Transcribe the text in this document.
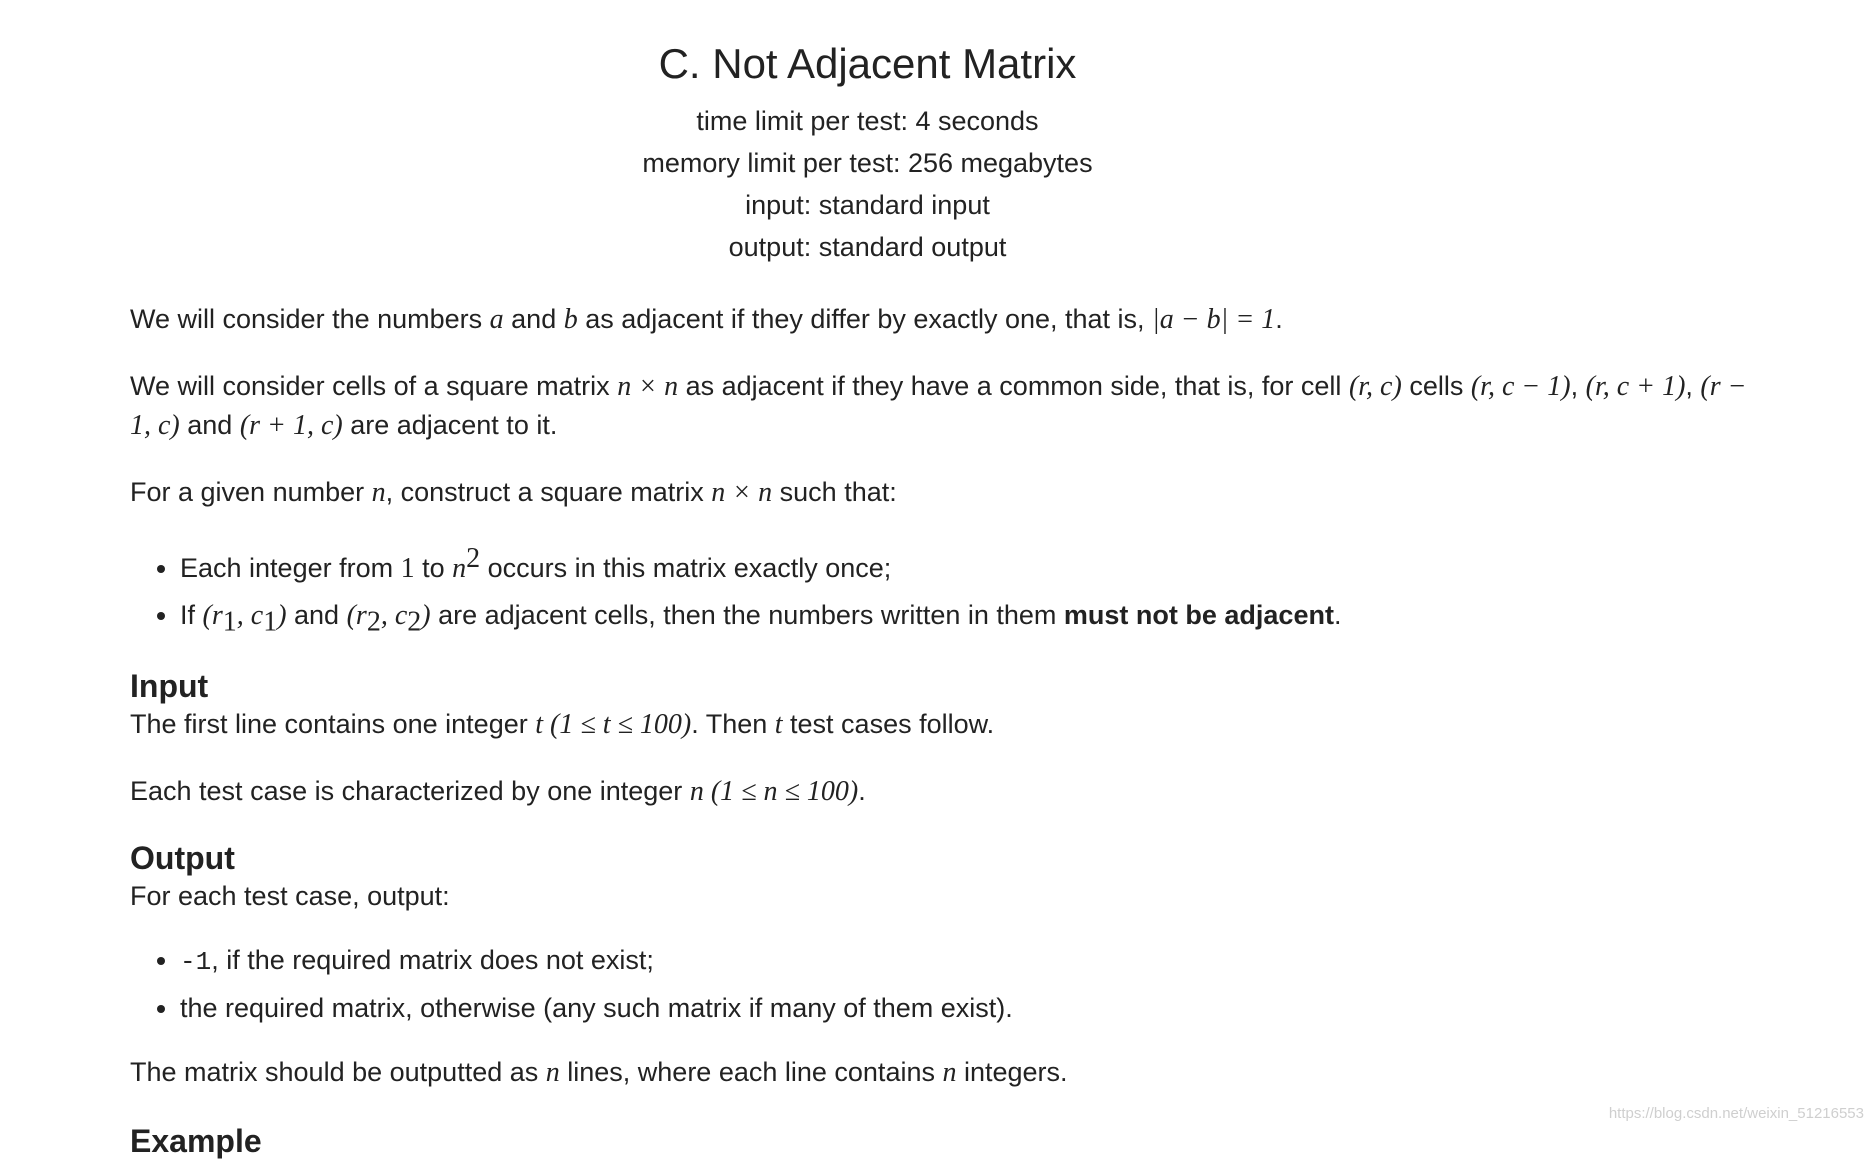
C. Not Adjacent Matrix
time limit per test: 4 seconds
memory limit per test: 256 megabytes
input: standard input
output: standard output

We will consider the numbers a and b as adjacent if they differ by exactly one, that is, |a − b| = 1.

We will consider cells of a square matrix n × n as adjacent if they have a common side, that is, for cell (r, c) cells (r, c − 1), (r, c + 1), (r − 1, c) and (r + 1, c) are adjacent to it.

For a given number n, construct a square matrix n × n such that:

• Each integer from 1 to $n^2$ occurs in this matrix exactly once;
• If ($r_1$, $c_1$) and ($r_2$, $c_2$) are adjacent cells, then the numbers written in them must not be adjacent.
Input

The first line contains one integer t (1 ≤ t ≤ 100). Then t test cases follow.

Each test case is characterized by one integer n (1 ≤ n ≤ 100).

Output

For each test case, output:

• -1, if the required matrix does not exist;
• the required matrix, otherwise (any such matrix if many of them exist).

The matrix should be outputted as n lines, where each line contains n integers.

Example
https://blog.csdn.net/weixin_51216553
